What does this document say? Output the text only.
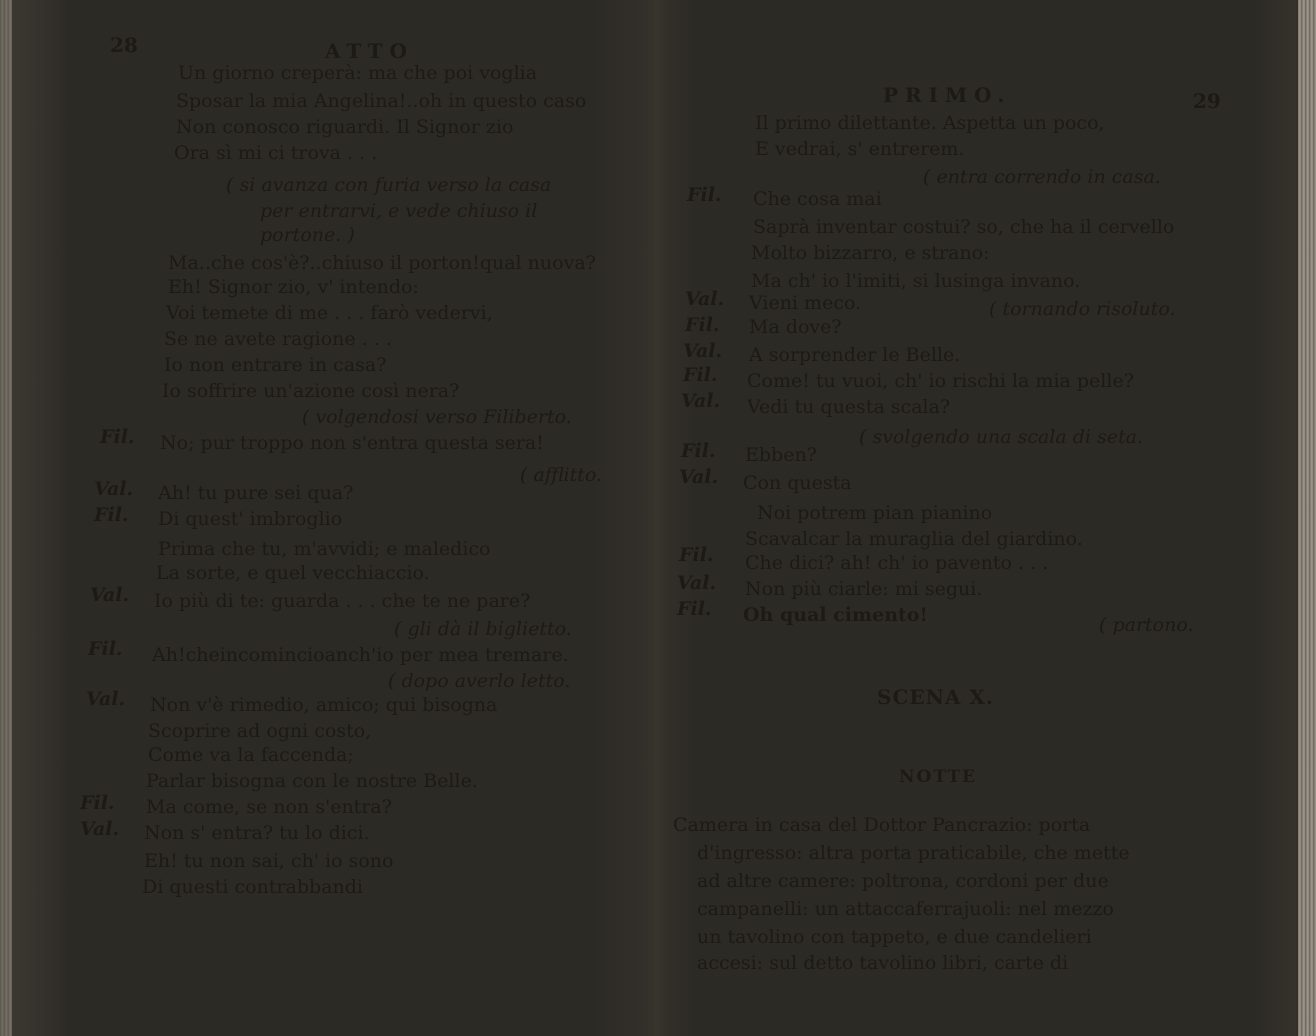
28	ATTO
Un giorno creperà: ma che poi voglia
Sposar la mia Angelina!..oh in questo caso
Non conosco riguardi. Il Signor zio
Ora sì mi ci trova . . .
( si avanza con furia verso la casa
per entrarvi, e vede chiuso il
portone. )
Ma..che cos'è?..chiuso il porton!qual nuova?
Eh! Signor zio, v' intendo:
Voi temete di me . . . farò vedervi,
Se ne avete ragione . . .
Io non entrare in casa?
Io soffrire un'azione così nera?
( volgendosi verso Filiberto.
Fil. No; pur troppo non s'entra questa sera!
( afflitto.
Val. Ah! tu pure sei qua?
Fil. Di quest' imbroglio
Prima che tu, m'avvidi; e maledico
La sorte, e quel vecchiaccio.
Val. Io più di te: guarda . . . che te ne pare?
( gli dà il biglietto.
Fil. Ah!cheincomincioanch'io per mea tremare.
( dopo averlo letto.
Val. Non v'è rimedio, amico; qui bisogna
Scoprire ad ogni costo,
Come va la faccenda;
Parlar bisogna con le nostre Belle.
Fil. Ma come, se non s'entra?
Val. Non s' entra? tu lo dici.
Eh! tu non sai, ch' io sono
Di questi contrabbandi
PRIMO.	29
Il primo dilettante. Aspetta un poco,
E vedrai, s' entrerem.
( entra correndo in casa.
Fil. Che cosa mai
Saprà inventar costui? so, che ha il cervello
Molto bizzarro, e strano:
Ma ch' io l'imiti, si lusinga invano.
Val. Vieni meco.	( tornando risoluto.
Fil. Ma dove?
Val. A sorprender le Belle.
Fil. Come! tu vuoi, ch' io rischi la mia pelle?
Val. Vedi tu questa scala?
( svolgendo una scala di seta.
Fil. Ebben?
Val. Con questa
Noi potrem pian pianino
Scavalcar la muraglia del giardino.
Fil. Che dici? ah! ch' io pavento . . .
Val. Non più ciarle: mi segui.
Fil. Oh qual cimento!	( partono.
SCENA X.
NOTTE
Camera in casa del Dottor Pancrazio: porta
d'ingresso: altra porta praticabile, che mette
ad altre camere: poltrona, cordoni per due
campanelli: un attaccaferrajuoli: nel mezzo
un tavolino con tappeto, e due candelieri
accesi: sul detto tavolino libri, carte di
